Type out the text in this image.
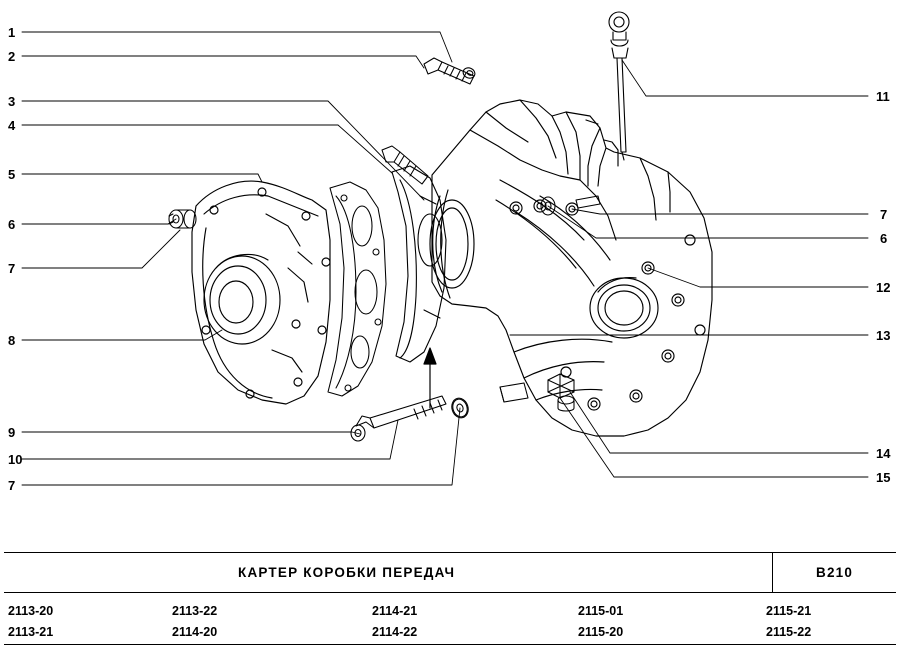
1
2
3
4
5
6
7
8
9
10
7
11
7
6
12
13
14
15
КАРТЕР КОРОБКИ ПЕРЕДАЧ	В210
2113-20
2113-21
2113-22
2114-20
2114-21
2114-22
2115-01
2115-20
2115-21
2115-22
